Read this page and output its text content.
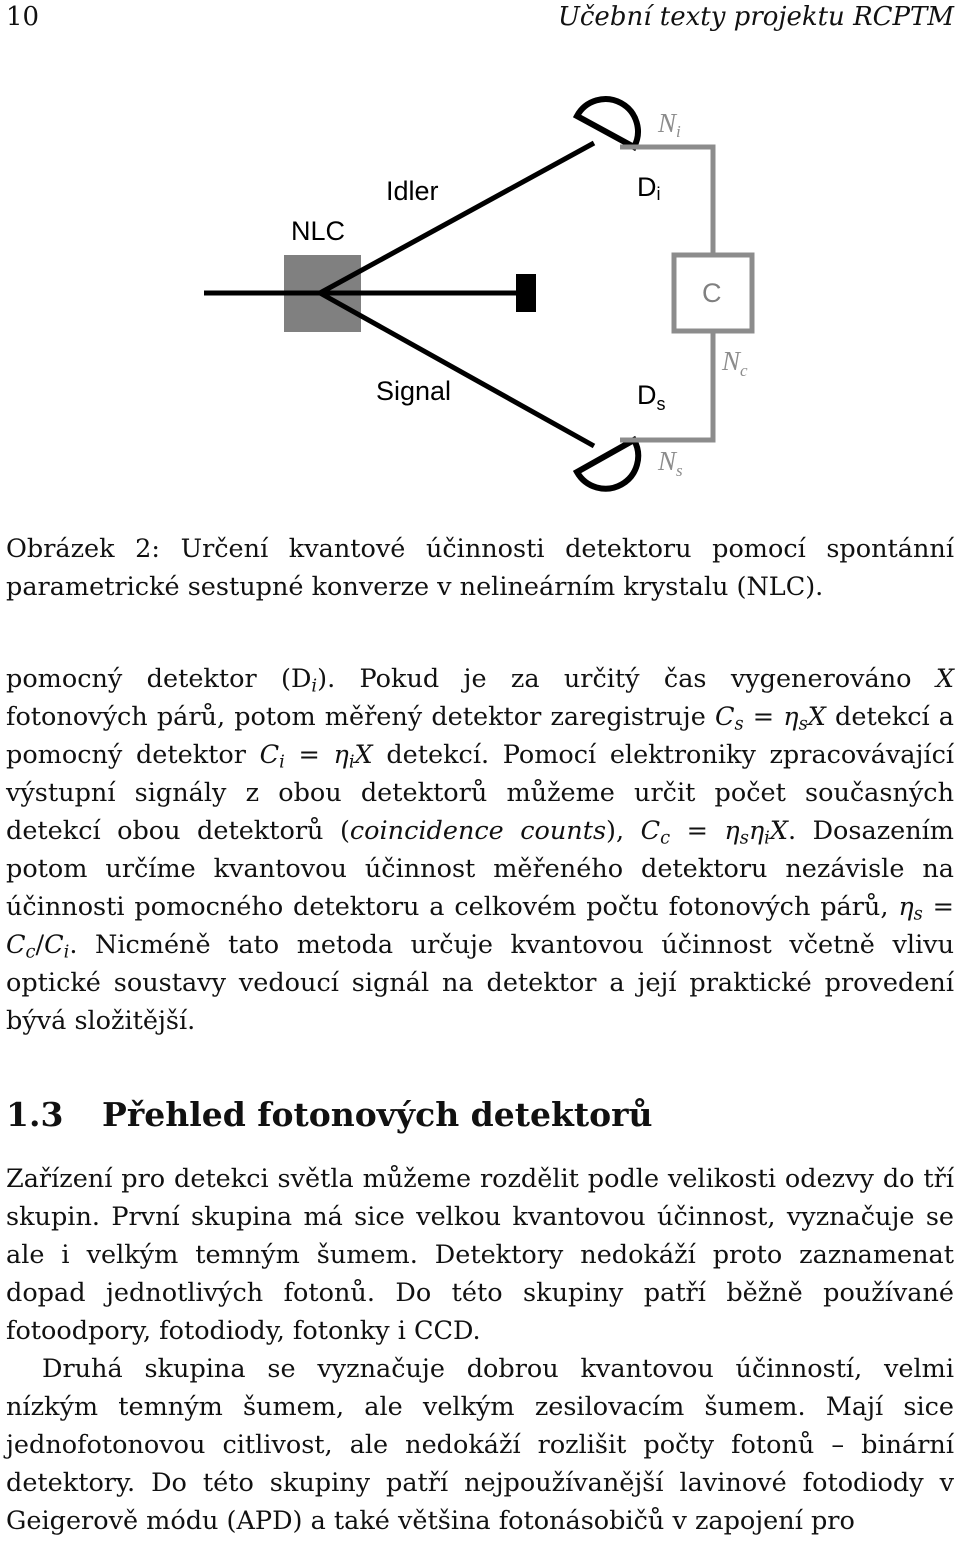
10	Učební texty projektu RCPTM
NLC
Idler
Signal
C
Di
$D_s$
Ni
$N_c$
$N_s$
Obrázek 2: Určení kvantové účinnosti detektoru pomocí spontánní parametrické sestupné konverze v nelineárním krystalu (NLC).
pomocný detektor $(D_i)$. Pokud je za určitý čas vygenerováno X fotonových párů, potom měřený detektor zaregistruje $C_s = \eta_sX$ detekcí a pomocný detektor $C_i = \eta_iX$ detekcí. Pomocí elektroniky zpracovávající výstupní signály z obou detektorů můžeme určit počet současných detekcí obou detektorů (coincidence counts), $C_c = \eta_s\eta_iX$. Dosazením potom určíme kvantovou účinnost měřeného detektoru nezávisle na účinnosti pomocného detektoru a celkovém počtu fotonových párů, $\eta_s = C_c/C_i$. Nicméně tato metoda určuje kvantovou účinnost včetně vlivu optické soustavy vedoucí signál na detektor a její praktické provedení bývá složitější.
1.3 Přehled fotonových detektorů

Zařízení pro detekci světla můžeme rozdělit podle velikosti odezvy do tří skupin. První skupina má sice velkou kvantovou účinnost, vyznačuje se ale i velkým temným šumem. Detektory nedokáží proto zaznamenat dopad jednotlivých fotonů. Do této skupiny patří běžně používané fotoodpory, fotodiody, fotonky i CCD.

Druhá skupina se vyznačuje dobrou kvantovou účinností, velmi nízkým temným šumem, ale velkým zesilovacím šumem. Mají sice jednofotonovou citlivost, ale nedokáží rozlišit počty fotonů – binární detektory. Do této skupiny patří nejpoužívanější lavinové fotodiody v Geigerově módu (APD) a také většina fotonásobičů v zapojení pro
